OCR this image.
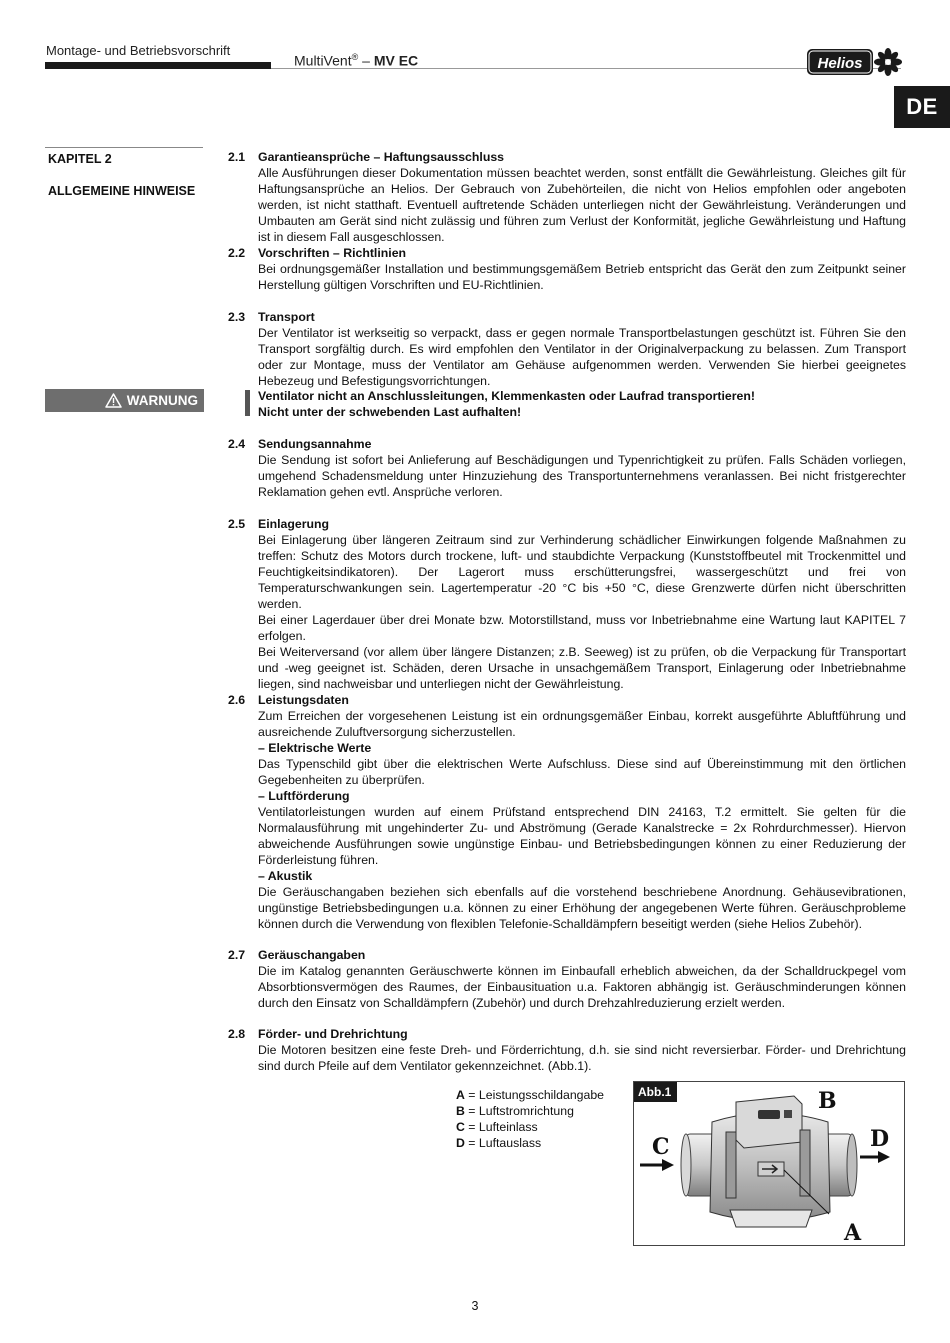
Montage- und Betriebsvorschrift
MultiVent® – MV EC	Helios
DE
KAPITEL 2
ALLGEMEINE HINWEISE
WARNUNG
2.1 Garantieansprüche – Haftungsausschluss

Alle Ausführungen dieser Dokumentation müssen beachtet werden, sonst entfällt die Gewährleistung. Gleiches gilt für Haftungsansprüche an Helios. Der Gebrauch von Zubehörteilen, die nicht von Helios empfohlen oder angeboten werden, ist nicht statthaft. Eventuell auftretende Schäden unterliegen nicht der Gewährleistung. Veränderungen und Umbauten am Gerät sind nicht zulässig und führen zum Verlust der Konformität, jegliche Gewährleistung und Haftung ist in diesem Fall ausgeschlossen.

2.2 Vorschriften – Richtlinien

Bei ordnungsgemäßer Installation und bestimmungsgemäßem Betrieb entspricht das Gerät den zum Zeitpunkt seiner Herstellung gültigen Vorschriften und EU-Richtlinien.

2.3 Transport

Der Ventilator ist werkseitig so verpackt, dass er gegen normale Transportbelastungen geschützt ist. Führen Sie den Transport sorgfältig durch. Es wird empfohlen den Ventilator in der Originalverpackung zu belassen. Zum Transport oder zur Montage, muss der Ventilator am Gehäuse aufgenommen werden. Verwenden Sie hierbei geeignetes Hebezeug und Befestigungsvorrichtungen.

Ventilator nicht an Anschlussleitungen, Klemmenkasten oder Laufrad transportieren!
Nicht unter der schwebenden Last aufhalten!
2.4 Sendungsannahme

Die Sendung ist sofort bei Anlieferung auf Beschädigungen und Typenrichtigkeit zu prüfen. Falls Schäden vorliegen, umgehend Schadensmeldung unter Hinzuziehung des Transportunternehmens veranlassen. Bei nicht fristgerechter Reklamation gehen evtl. Ansprüche verloren.

2.5 Einlagerung

Bei Einlagerung über längeren Zeitraum sind zur Verhinderung schädlicher Einwirkungen folgende Maßnahmen zu treffen: Schutz des Motors durch trockene, luft- und staubdichte Verpackung (Kunststoffbeutel mit Trockenmittel und Feuchtigkeitsindikatoren). Der Lagerort muss erschütterungsfrei, wassergeschützt und frei von Temperaturschwankungen sein. Lagertemperatur -20 °C bis +50 °C, diese Grenzwerte dürfen nicht überschritten werden.

Bei einer Lagerdauer über drei Monate bzw. Motorstillstand, muss vor Inbetriebnahme eine Wartung laut KAPITEL 7 erfolgen.

Bei Weiterversand (vor allem über längere Distanzen; z.B. Seeweg) ist zu prüfen, ob die Verpackung für Transportart und -weg geeignet ist. Schäden, deren Ursache in unsachgemäßem Transport, Einlagerung oder Inbetriebnahme liegen, sind nachweisbar und unterliegen nicht der Gewährleistung.

2.6 Leistungsdaten

Zum Erreichen der vorgesehenen Leistung ist ein ordnungsgemäßer Einbau, korrekt ausgeführte Abluftführung und ausreichende Zuluftversorgung sicherzustellen.

– Elektrische Werte

Das Typenschild gibt über die elektrischen Werte Aufschluss. Diese sind auf Übereinstimmung mit den örtlichen Gegebenheiten zu überprüfen.

– Luftförderung

Ventilatorleistungen wurden auf einem Prüfstand entsprechend DIN 24163, T.2 ermittelt. Sie gelten für die Normalausführung mit ungehinderter Zu- und Abströmung (Gerade Kanalstrecke = 2x Rohrdurchmesser). Hiervon abweichende Ausführungen sowie ungünstige Einbau- und Betriebsbedingungen können zu einer Reduzierung der Förderleistung führen.

– Akustik

Die Geräuschangaben beziehen sich ebenfalls auf die vorstehend beschriebene Anordnung. Gehäusevibrationen, ungünstige Betriebsbedingungen u.a. können zu einer Erhöhung der angegebenen Werte führen. Geräuschprobleme können durch die Verwendung von flexiblen Telefonie-Schalldämpfern beseitigt werden (siehe Helios Zubehör).

2.7 Geräuschangaben

Die im Katalog genannten Geräuschwerte können im Einbaufall erheblich abweichen, da der Schalldruckpegel vom Absorbtionsvermögen des Raumes, der Einbausituation u.a. Faktoren abhängig ist. Geräuschminderungen können durch den Einsatz von Schalldämpfern (Zubehör) und durch Drehzahlreduzierung erzielt werden.

2.8 Förder- und Drehrichtung

Die Motoren besitzen eine feste Dreh- und Förderrichtung, d.h. sie sind nicht reversierbar. Förder- und Drehrichtung sind durch Pfeile auf dem Ventilator gekennzeichnet. (Abb.1).

A = Leistungsschildangabe
B = Luftstromrichtung
C = Lufteinlass
D = Luftauslass	C
B
D
A
Abb.1
3
